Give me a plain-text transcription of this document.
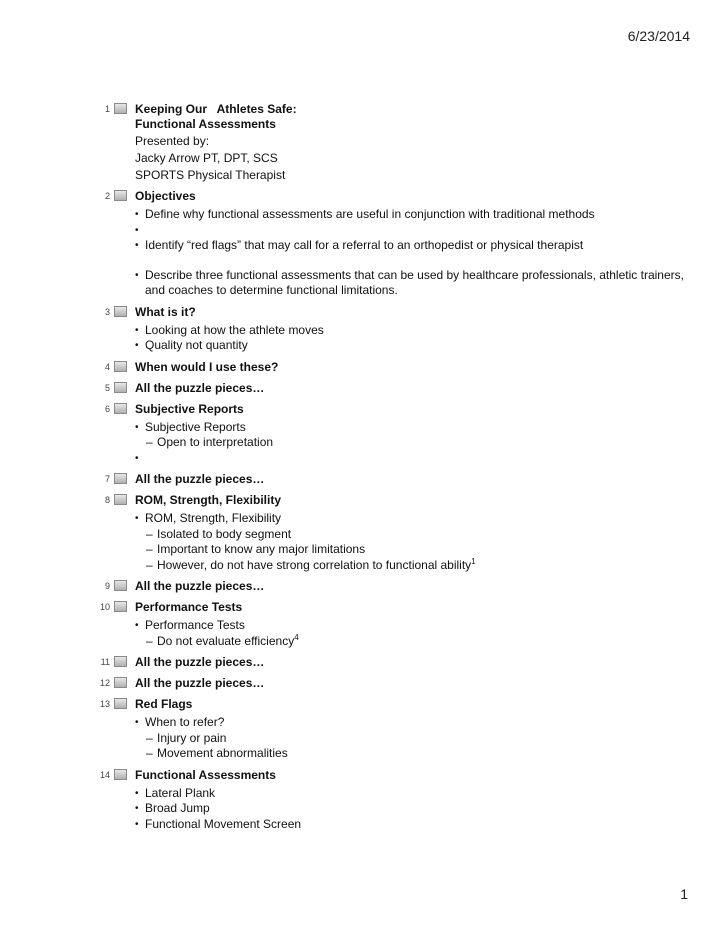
6/23/2014
1 Keeping Our   Athletes Safe:
Functional Assessments
Presented by:
Jacky Arrow PT, DPT, SCS
SPORTS Physical Therapist
2 Objectives
• Define why functional assessments are useful in conjunction with traditional methods
•
• Identify “red flags” that may call for a referral to an orthopedist or physical therapist
• Describe three functional assessments that can be used by healthcare professionals, athletic trainers, and coaches to determine functional limitations.
3 What is it?
• Looking at how the athlete moves
• Quality not quantity
4 When would I use these?
5 All the puzzle pieces…
6 Subjective Reports
• Subjective Reports
– Open to interpretation
•
7 All the puzzle pieces…
8 ROM, Strength, Flexibility
• ROM, Strength, Flexibility
– Isolated to body segment
– Important to know any major limitations
– However, do not have strong correlation to functional ability$^1$
9 All the puzzle pieces…
10 Performance Tests
• Performance Tests
– Do not evaluate efficiency$^4$
11 All the puzzle pieces…
12 All the puzzle pieces…
13 Red Flags
• When to refer?
– Injury or pain
– Movement abnormalities
14 Functional Assessments
• Lateral Plank
• Broad Jump
• Functional Movement Screen
1
